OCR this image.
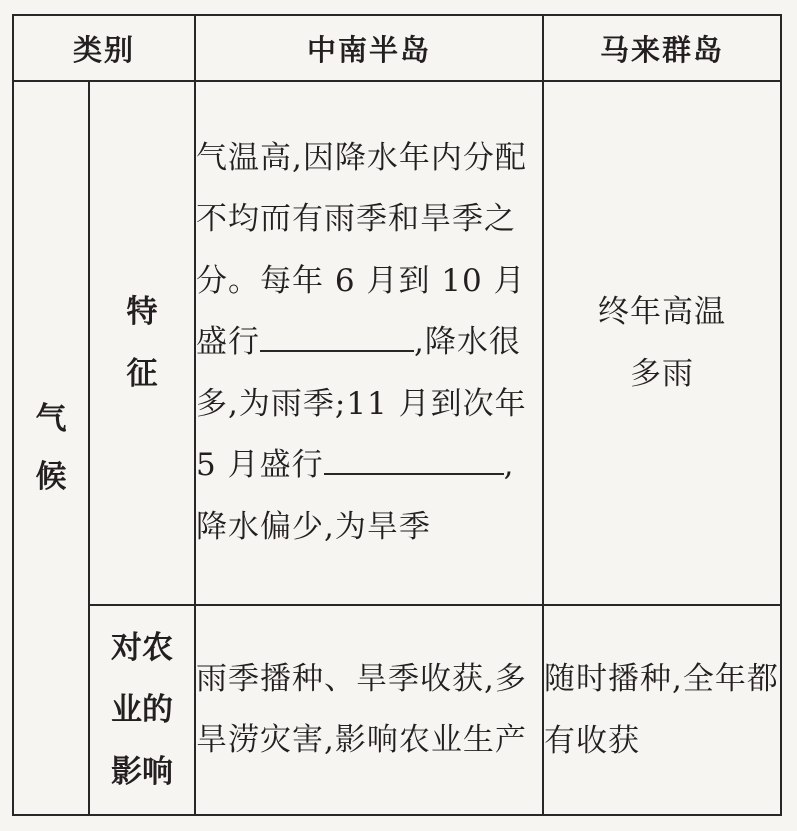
类别		中南半岛	马来群岛
气候	特征	气温高,因降水年内分配不均而有雨季和旱季之分。每年 6 月到 10 月盛行 ,降水很多,为雨季;11 月到次年 5 月盛行 ,降水偏少,为旱季	终年高温多雨
	对农业的影响	雨季播种、旱季收获,多旱涝灾害,影响农业生产	随时播种,全年都有收获
